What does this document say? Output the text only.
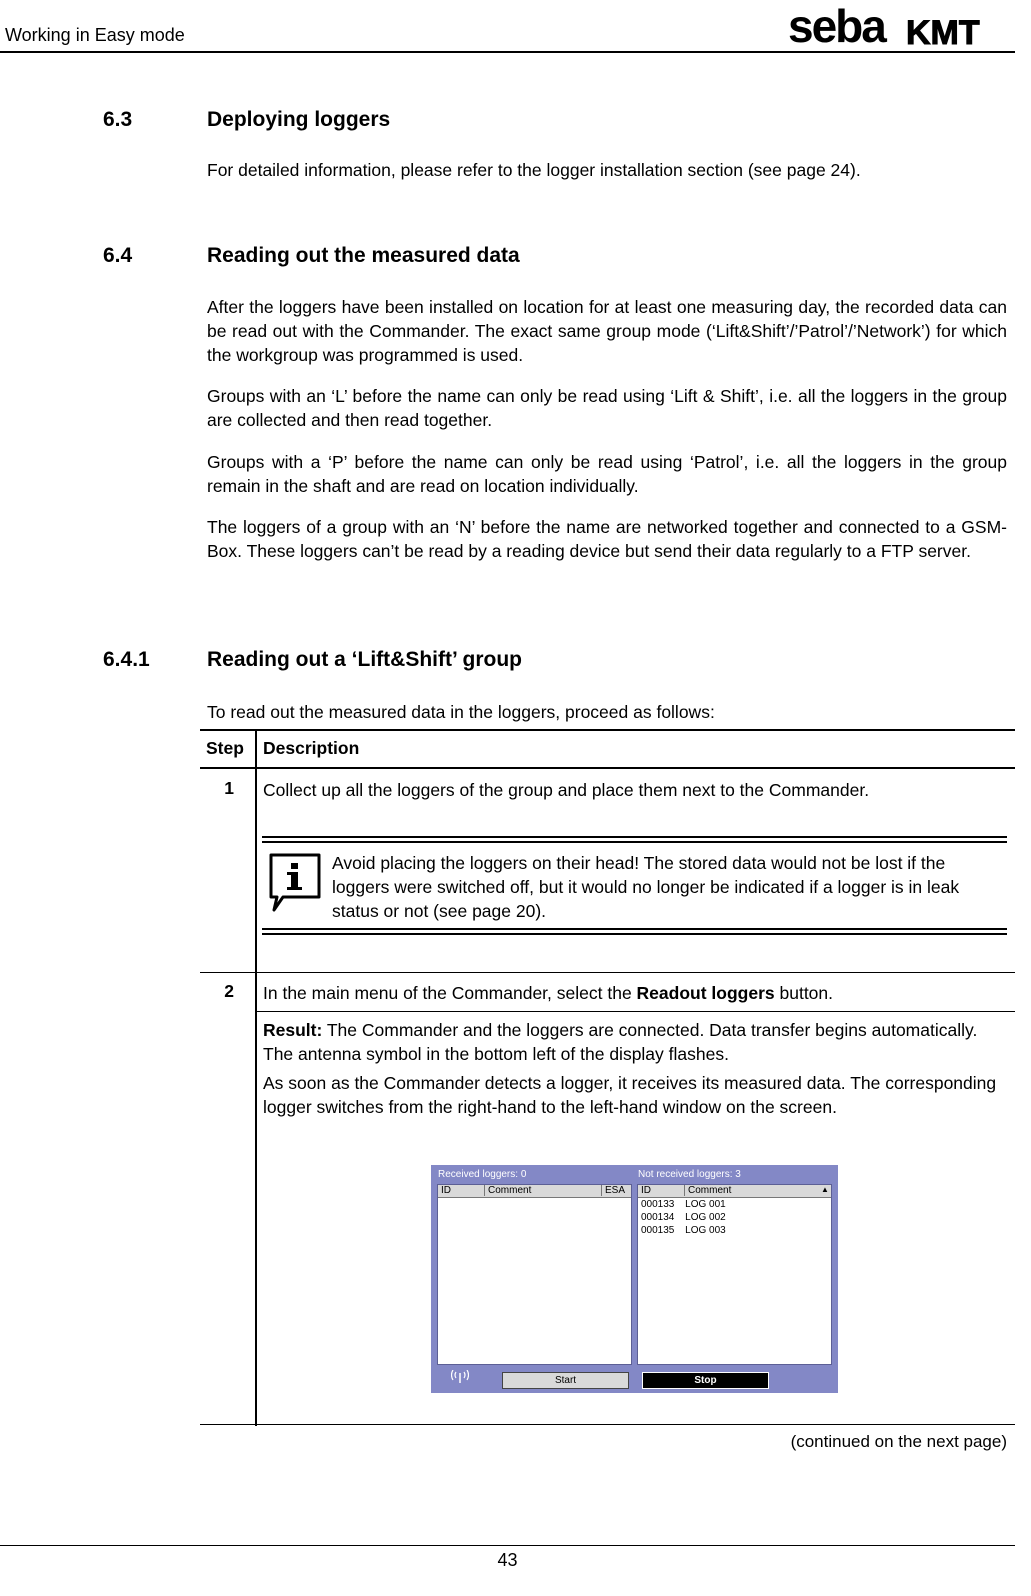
Working in Easy mode	seba KMT
6.3	Deploying loggers
For detailed information, please refer to the logger installation section (see page 24).
6.4	Reading out the measured data
After the loggers have been installed on location for at least one measuring day, the recorded data can be read out with the Commander. The exact same group mode (‘Lift&Shift’/’Patrol’/’Network’) for which the workgroup was programmed is used.
Groups with an ‘L’ before the name can only be read using ‘Lift & Shift’, i.e. all the loggers in the group are collected and then read together.
Groups with a ‘P’ before the name can only be read using ‘Patrol’, i.e. all the loggers in the group remain in the shaft and are read on location individually.
The loggers of a group with an ‘N’ before the name are networked together and connected to a GSM-Box. These loggers can’t be read by a reading device but send their data regularly to a FTP server.
6.4.1	Reading out a ‘Lift&Shift’ group
To read out the measured data in the loggers, proceed as follows:
Step Description
1 Collect up all the loggers of the group and place them next to the Commander.
Avoid placing the loggers on their head! The stored data would not be lost if the loggers were switched off, but it would no longer be indicated if a logger is in leak status or not (see page 20).
2 In the main menu of the Commander, select the Readout loggers button.
Result: The Commander and the loggers are connected. Data transfer begins automatically. The antenna symbol in the bottom left of the display flashes.
As soon as the Commander detects a logger, it receives its measured data. The corresponding logger switches from the right-hand to the left-hand window on the screen.
Received loggers: 0	Not received loggers: 3
ID	Comment	ESA ID	Comment	▲
000133 LOG 001
000134 LOG 002
000135 LOG 003
Start	Stop
(continued on the next page)
43
